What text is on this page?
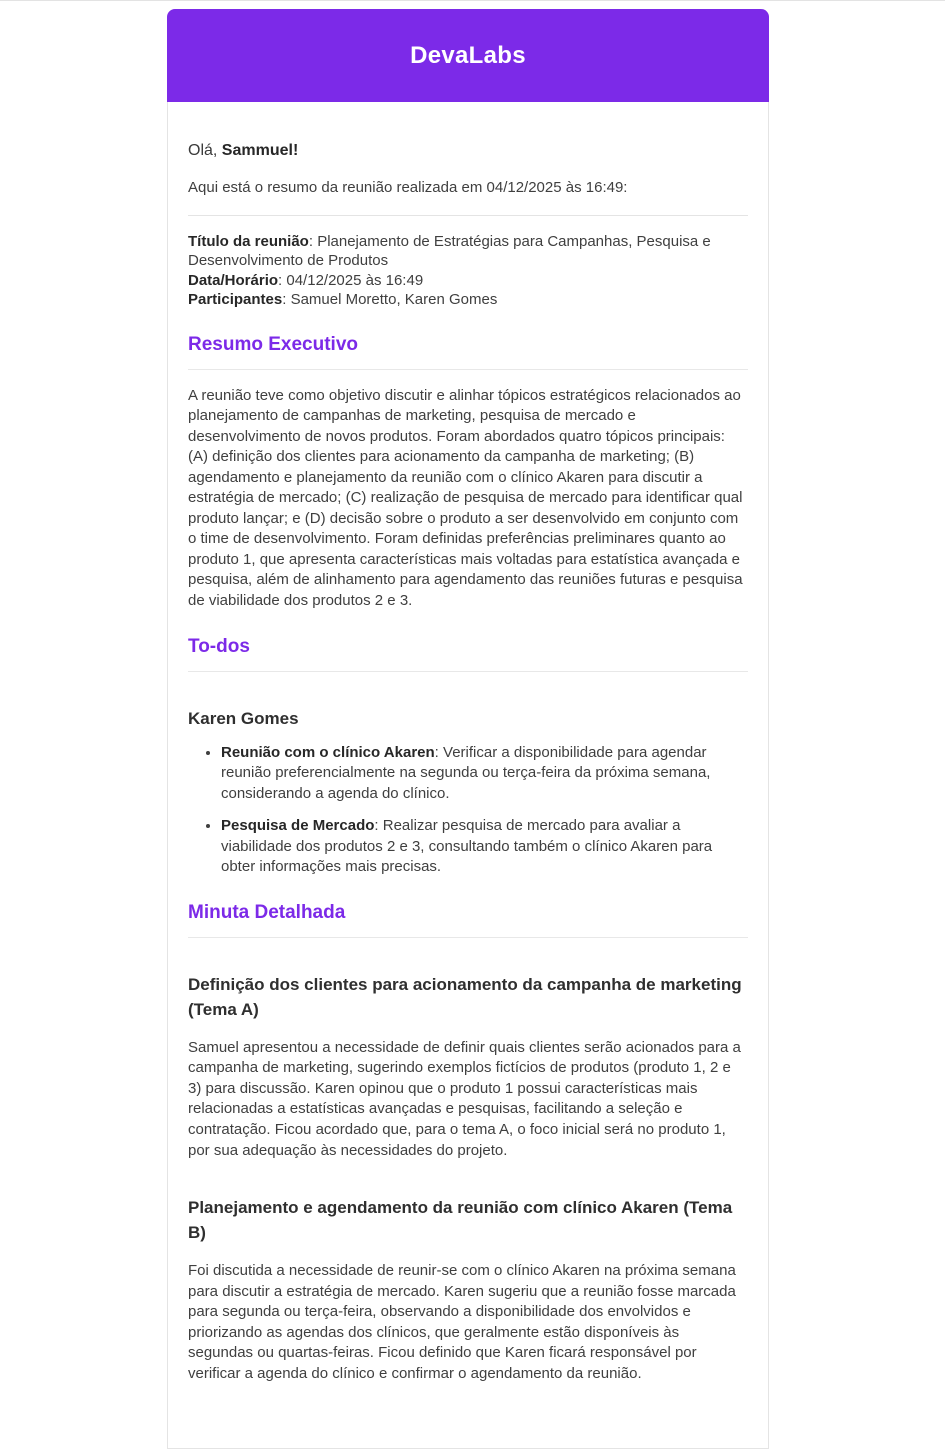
DevaLabs

Olá, Sammuel!

Aqui está o resumo da reunião realizada em 04/12/2025 às 16:49:

Título da reunião: Planejamento de Estratégias para Campanhas, Pesquisa e Desenvolvimento de Produtos
Data/Horário: 04/12/2025 às 16:49
Participantes: Samuel Moretto, Karen Gomes
Resumo Executivo

A reunião teve como objetivo discutir e alinhar tópicos estratégicos relacionados ao planejamento de campanhas de marketing, pesquisa de mercado e desenvolvimento de novos produtos. Foram abordados quatro tópicos principais: (A) definição dos clientes para acionamento da campanha de marketing; (B) agendamento e planejamento da reunião com o clínico Akaren para discutir a estratégia de mercado; (C) realização de pesquisa de mercado para identificar qual produto lançar; e (D) decisão sobre o produto a ser desenvolvido em conjunto com o time de desenvolvimento. Foram definidas preferências preliminares quanto ao produto 1, que apresenta características mais voltadas para estatística avançada e pesquisa, além de alinhamento para agendamento das reuniões futuras e pesquisa de viabilidade dos produtos 2 e 3.

To-dos
Karen Gomes
• Reunião com o clínico Akaren: Verificar a disponibilidade para agendar reunião preferencialmente na segunda ou terça-feira da próxima semana, considerando a agenda do clínico.
• Pesquisa de Mercado: Realizar pesquisa de mercado para avaliar a viabilidade dos produtos 2 e 3, consultando também o clínico Akaren para obter informações mais precisas.
Minuta Detalhada
Definição dos clientes para acionamento da campanha de marketing (Tema A)

Samuel apresentou a necessidade de definir quais clientes serão acionados para a campanha de marketing, sugerindo exemplos fictícios de produtos (produto 1, 2 e 3) para discussão. Karen opinou que o produto 1 possui características mais relacionadas a estatísticas avançadas e pesquisas, facilitando a seleção e contratação. Ficou acordado que, para o tema A, o foco inicial será no produto 1, por sua adequação às necessidades do projeto.

Planejamento e agendamento da reunião com clínico Akaren (Tema B)

Foi discutida a necessidade de reunir-se com o clínico Akaren na próxima semana para discutir a estratégia de mercado. Karen sugeriu que a reunião fosse marcada para segunda ou terça-feira, observando a disponibilidade dos envolvidos e priorizando as agendas dos clínicos, que geralmente estão disponíveis às segundas ou quartas-feiras. Ficou definido que Karen ficará responsável por verificar a agenda do clínico e confirmar o agendamento da reunião.
